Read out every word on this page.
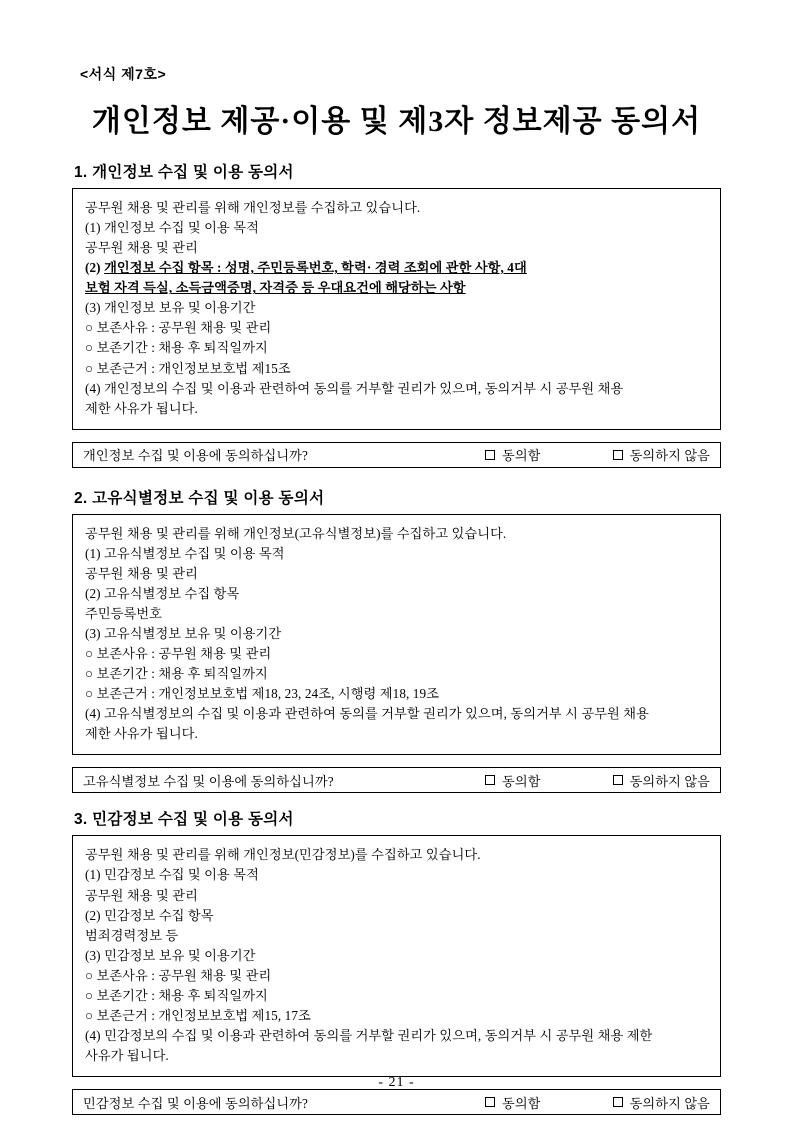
<서식 제7호>
개인정보 제공·이용 및 제3자 정보제공 동의서
1. 개인정보 수집 및 이용 동의서

공무원 채용 및 관리를 위해 개인정보를 수집하고 있습니다.

(1) 개인정보 수집 및 이용 목적

공무원 채용 및 관리

(2) 개인정보 수집 항목 : 성명, 주민등록번호, 학력· 경력 조회에 관한 사항, 4대

보험 자격 득실, 소득금액증명, 자격증 등 우대요건에 해당하는 사항

(3) 개인정보 보유 및 이용기간

○ 보존사유 : 공무원 채용 및 관리

○ 보존기간 : 채용 후 퇴직일까지

○ 보존근거 : 개인정보보호법 제15조

(4) 개인정보의 수집 및 이용과 관련하여 동의를 거부할 권리가 있으며, 동의거부 시 공무원 채용

제한 사유가 됩니다.

개인정보 수집 및 이용에 동의하십니까?	동의함	동의하지 않음
2. 고유식별정보 수집 및 이용 동의서

공무원 채용 및 관리를 위해 개인정보(고유식별정보)를 수집하고 있습니다.

(1) 고유식별정보 수집 및 이용 목적

공무원 채용 및 관리

(2) 고유식별정보 수집 항목

주민등록번호

(3) 고유식별정보 보유 및 이용기간

○ 보존사유 : 공무원 채용 및 관리

○ 보존기간 : 채용 후 퇴직일까지

○ 보존근거 : 개인정보보호법 제18, 23, 24조, 시행령 제18, 19조

(4) 고유식별정보의 수집 및 이용과 관련하여 동의를 거부할 권리가 있으며, 동의거부 시 공무원 채용

제한 사유가 됩니다.

고유식별정보 수집 및 이용에 동의하십니까?	동의함	동의하지 않음
3. 민감정보 수집 및 이용 동의서

공무원 채용 및 관리를 위해 개인정보(민감정보)를 수집하고 있습니다.

(1) 민감정보 수집 및 이용 목적

공무원 채용 및 관리

(2) 민감정보 수집 항목

범죄경력정보 등

(3) 민감정보 보유 및 이용기간

○ 보존사유 : 공무원 채용 및 관리

○ 보존기간 : 채용 후 퇴직일까지

○ 보존근거 : 개인정보보호법 제15, 17조

(4) 민감정보의 수집 및 이용과 관련하여 동의를 거부할 권리가 있으며, 동의거부 시 공무원 채용 제한

사유가 됩니다.

민감정보 수집 및 이용에 동의하십니까?	동의함	동의하지 않음
- 21 -
